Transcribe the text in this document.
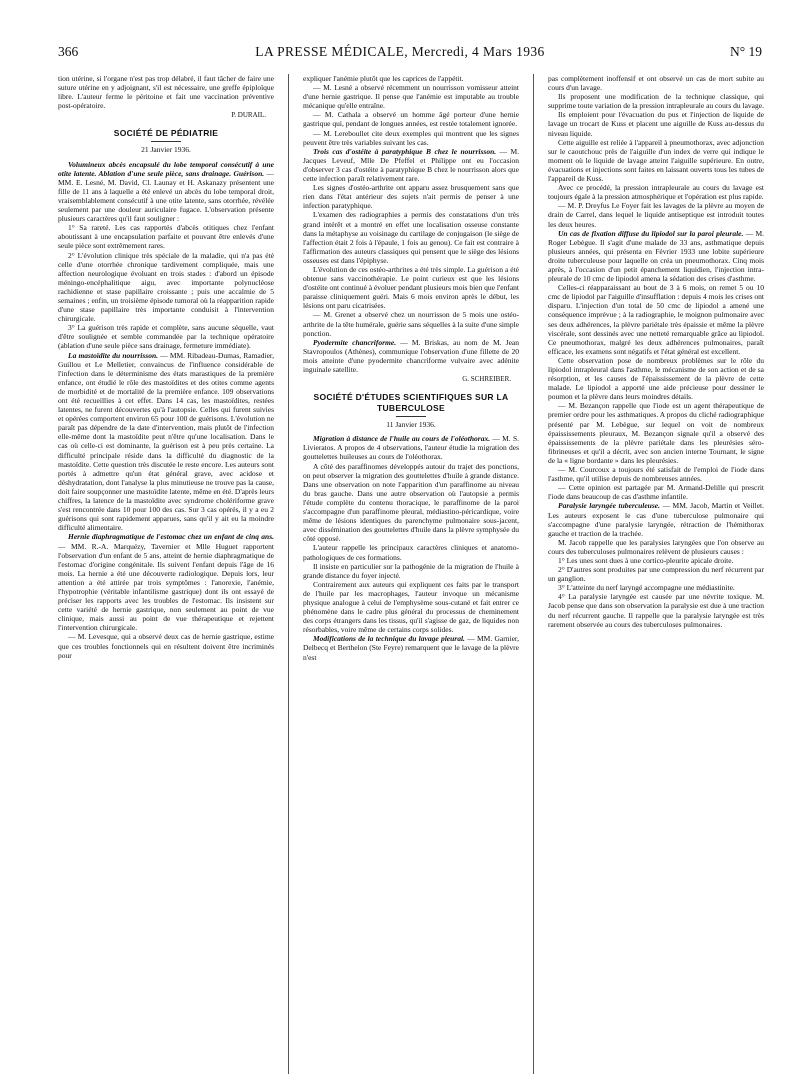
366	LA PRESSE MÉDICALE, Mercredi, 4 Mars 1936	N° 19

tion utérine, si l'organe n'est pas trop délabré, il faut tâcher de faire une suture utérine en y adjoignant, s'il est nécessaire, une greffe épiploïque libre. L'auteur ferme le péritoine et fait une vaccination préventive post-opératoire.

P. DURAIL.
SOCIÉTÉ DE PÉDIATRIE
21 Janvier 1936.

Volumineux abcès encapsulé du lobe temporal consécutif à une otite latente. Ablation d'une seule pièce, sans drainage. Guérison. — MM. E. Lesné, M. David, Cl. Launay et H. Askanazy présentent une fille de 11 ans à laquelle a été enlevé un abcès du lobe temporal droit, vraisemblablement consécutif à une otite latente, sans otorrhée, révélée seulement par une douleur auriculaire fugace. L'observation présente plusieurs caractères qu'il faut souligner :

1° Sa rareté. Les cas rapportés d'abcès otitiques chez l'enfant aboutissant à une encapsulation parfaite et pouvant être enlevés d'une seule pièce sont extrêmement rares.

2° L'évolution clinique très spéciale de la maladie, qui n'a pas été celle d'une otorrhée chronique tardivement compliquée, mais une affection neurologique évoluant en trois stades : d'abord un épisode méningo-encéphalitique aigu, avec importante polynucléose rachidienne et stase papillaire croissante ; puis une accalmie de 5 semaines ; enfin, un troisième épisode tumoral où la réapparition rapide d'une stase papillaire très importante conduisit à l'intervention chirurgicale.

3° La guérison très rapide et complète, sans aucune séquelle, vaut d'être soulignée et semble commandée par la technique opératoire (ablation d'une seule pièce sans drainage, fermeture immédiate).

La mastoïdite du nourrisson. — MM. Ribadeau-Dumas, Ramadier, Guillou et Le Melletier, convaincus de l'influence considérable de l'infection dans le déterminisme des états marastiques de la première enfance, ont étudié le rôle des mastoïdites et des otites comme agents de morbidité et de mortalité de la première enfance. 109 observations ont été recueillies à cet effet. Dans 14 cas, les mastoïdites, restées latentes, ne furent découvertes qu'à l'autopsie. Celles qui furent suivies et opérées comportent environ 65 pour 100 de guérisons. L'évolution ne paraît pas dépendre de la date d'intervention, mais plutôt de l'infection elle-même dont la mastoïdite peut n'être qu'une localisation. Dans le cas où celle-ci est dominante, la guérison est à peu près certaine. La difficulté principale réside dans la difficulté du diagnostic de la mastoïdite. Cette question très discutée le reste encore. Les auteurs sont portés à admettre qu'un état général grave, avec acidose et déshydratation, dont l'analyse la plus minutieuse ne trouve pas la cause, doit faire soupçonner une mastoïdite latente, même en été. D'après leurs chiffres, la latence de la mastoïdite avec syndrome cholériforme grave s'est rencontrée dans 10 pour 100 des cas. Sur 3 cas opérés, il y a eu 2 guérisons qui sont rapidement apparues, sans qu'il y ait eu la moindre difficulté alimentaire.

Hernie diaphragmatique de l'estomac chez un enfant de cinq ans. — MM. R.-A. Marquézy, Tavernier et Mlle Huguet rapportent l'observation d'un enfant de 5 ans, atteint de hernie diaphragmatique de l'estomac d'origine congénitale. Ils suivent l'enfant depuis l'âge de 16 mois. La hernie a été une découverte radiologique. Depuis lors, leur attention a été attirée par trois symptômes : l'anorexie, l'anémie, l'hypotrophie (véritable infantilisme gastrique) dont ils ont essayé de préciser les rapports avec les troubles de l'estomac. Ils insistent sur cette variété de hernie gastrique, non seulement au point de vue clinique, mais aussi au point de vue thérapeutique et rejettent l'intervention chirurgicale.

— M. Levesque, qui a observé deux cas de hernie gastrique, estime que ces troubles fonctionnels qui en résultent doivent être incriminés pour

expliquer l'anémie plutôt que les caprices de l'appétit.

— M. Lesné a observé récemment un nourrisson vomisseur atteint d'une hernie gastrique. Il pense que l'anémie est imputable au trouble mécanique qu'elle entraîne.

— M. Cathala a observé un homme âgé porteur d'une hernie gastrique qui, pendant de longues années, est restée totalement ignorée.

— M. Lereboullet cite deux exemples qui montrent que les signes peuvent être très variables suivant les cas.

Trois cas d'ostéite à paratyphique B chez le nourrisson. — M. Jacques Leveuf, Mlle De Pfeffel et Philippe ont eu l'occasion d'observer 3 cas d'ostéite à paratyphique B chez le nourrisson alors que cette infection paraît relativement rare.

Les signes d'ostéo-arthrite ont apparu assez brusquement sans que rien dans l'état antérieur des sujets n'ait permis de penser à une infection paratyphique.

L'examen des radiographies a permis des constatations d'un très grand intérêt et a montré en effet une localisation osseuse constante dans la métaphyse au voisinage du cartilage de conjugaison (le siège de l'affection était 2 fois à l'épaule, 1 fois au genou). Ce fait est contraire à l'affirmation des auteurs classiques qui pensent que le siège des lésions osseuses est dans l'épiphyse.

L'évolution de ces ostéo-arthrites a été très simple. La guérison a été obtenue sans vaccinothérapie. Le point curieux est que les lésions d'ostéite ont continué à évoluer pendant plusieurs mois bien que l'enfant paraisse cliniquement guéri. Mais 6 mois environ après le début, les lésions ont paru cicatrisées.

— M. Grenet a observé chez un nourrisson de 5 mois une ostéo-arthrite de la tête humérale, guérie sans séquelles à la suite d'une simple ponction.

Pyodermite chancriforme. — M. Briskas, au nom de M. Jean Stavropoulos (Athènes), communique l'observation d'une fillette de 20 mois atteinte d'une pyodermite chancriforme vulvaire avec adénite inguinale satellite.

G. SCHREIBER.
SOCIÉTÉ D'ÉTUDES SCIENTIFIQUES SUR LA TUBERCULOSE
11 Janvier 1936.

Migration à distance de l'huile au cours de l'oléothorax. — M. S. Livieratos. A propos de 4 observations, l'auteur étudie la migration des gouttelettes huileuses au cours de l'oléothorax.

A côté des paraffinomes développés autour du trajet des ponctions, on peut observer la migration des gouttelettes d'huile à grande distance. Dans une observation on note l'apparition d'un paraffinome au niveau du bras gauche. Dans une autre observation où l'autopsie a permis l'étude complète du contenu thoracique, le paraffinome de la paroi s'accompagne d'un paraffinome pleural, médiastino-péricardique, voire même de lésions identiques du parenchyme pulmonaire sous-jacent, avec dissémination des gouttelettes d'huile dans la plèvre symphysée du côté opposé.

L'auteur rappelle les principaux caractères cliniques et anatomo-pathologiques de ces formations.

Il insiste en particulier sur la pathogénie de la migration de l'huile à grande distance du foyer injecté.

Contrairement aux auteurs qui expliquent ces faits par le transport de l'huile par les macrophages, l'auteur invoque un mécanisme physique analogue à celui de l'emphysème sous-cutané et fait entrer ce phénomène dans le cadre plus général du processus de cheminement des corps étrangers dans les tissus, qu'il s'agisse de gaz, de liquides non résorbables, voire même de certains corps solides.

Modifications de la technique du lavage pleural. — MM. Garnier, Delbecq et Berthelon (Ste Feyre) remarquent que le lavage de la plèvre n'est

pas complètement inoffensif et ont observé un cas de mort subite au cours d'un lavage.

Ils proposent une modification de la technique classique, qui supprime toute variation de la pression intrapleurale au cours du lavage.

Ils emploient pour l'évacuation du pus et l'injection de liquide de lavage un trocart de Kuss et placent une aiguille de Kuss au-dessus du niveau liquide.

Cette aiguille est reliée à l'appareil à pneumothorax, avec adjonction sur le caoutchouc près de l'aiguille d'un index de verre qui indique le moment où le liquide de lavage atteint l'aiguille supérieure. En outre, évacuations et injections sont faites en laissant ouverts tous les tubes de l'appareil de Kuss.

Avec ce procédé, la pression intrapleurale au cours du lavage est toujours égale à la pression atmosphérique et l'opération est plus rapide.

— M. P. Dreyfus Le Foyer fait les lavages de la plèvre au moyen de drain de Carrel, dans lequel le liquide antiseptique est introduit toutes les deux heures.

Un cas de fixation diffuse du lipiodol sur la paroi pleurale. — M. Roger Lebègue. Il s'agit d'une malade de 33 ans, asthmatique depuis plusieurs années, qui présenta en Février 1933 une lobite supérieure droite tuberculeuse pour laquelle on créa un pneumothorax. Cinq mois après, à l'occasion d'un petit épanchement liquidien, l'injection intra-pleurale de 10 cmc de lipiodol amena la sédation des crises d'asthme.

Celles-ci réapparaissant au bout de 3 à 6 mois, on remet 5 ou 10 cmc de lipiodol par l'aiguille d'insufflation : depuis 4 mois les crises ont disparu. L'injection d'un total de 50 cmc de lipiodol a amené une conséquence imprévue ; à la radiographie, le moignon pulmonaire avec ses deux adhérences, la plèvre pariétale très épaissie et même la plèvre viscérale, sont dessinés avec une netteté remarquable grâce au lipiodol. Ce pneumothorax, malgré les deux adhérences pulmonaires, paraît efficace, les examens sont négatifs et l'état général est excellent.

Cette observation pose de nombreux problèmes sur le rôle du lipiodol intrapleural dans l'asthme, le mécanisme de son action et de sa résorption, et les causes de l'épaississement de la plèvre de cette malade. Le lipiodol a apporté une aide précieuse pour dessiner le poumon et la plèvre dans leurs moindres détails.

— M. Bezançon rappelle que l'iode est un agent thérapeutique de premier ordre pour les asthmatiques. A propos du cliché radiographique présenté par M. Lebègue, sur lequel on voit de nombreux épaississements pleuraux, M. Bezançon signale qu'il a observé des épaississements de la plèvre pariétale dans les pleurésies séro-fibrineuses et qu'il a décrit, avec son ancien interne Tournant, le signe de la « ligne bordante » dans les pleurésies.

— M. Courcoux a toujours été satisfait de l'emploi de l'iode dans l'asthme, qu'il utilise depuis de nombreuses années.

— Cette opinion est partagée par M. Armand-Delille qui prescrit l'iode dans beaucoup de cas d'asthme infantile.

Paralysie laryngée tuberculeuse. — MM. Jacob, Martin et Veillet. Les auteurs exposent le cas d'une tuberculose pulmonaire qui s'accompagne d'une paralysie laryngée, rétraction de l'hémithorax gauche et traction de la trachée.

M. Jacob rappelle que les paralysies laryngées que l'on observe au cours des tuberculoses pulmonaires relèvent de plusieurs causes :

1° Les unes sont dues à une cortico-pleurite apicale droite.

2° D'autres sont produites par une compression du nerf récurrent par un ganglion.

3° L'atteinte du nerf laryngé accompagne une médiastinite.

4° La paralysie laryngée est causée par une névrite toxique. M. Jacob pense que dans son observation la paralysie est due à une traction du nerf récurrent gauche. Il rappelle que la paralysie laryngée est très rarement observée au cours des tuberculoses pulmonaires.
